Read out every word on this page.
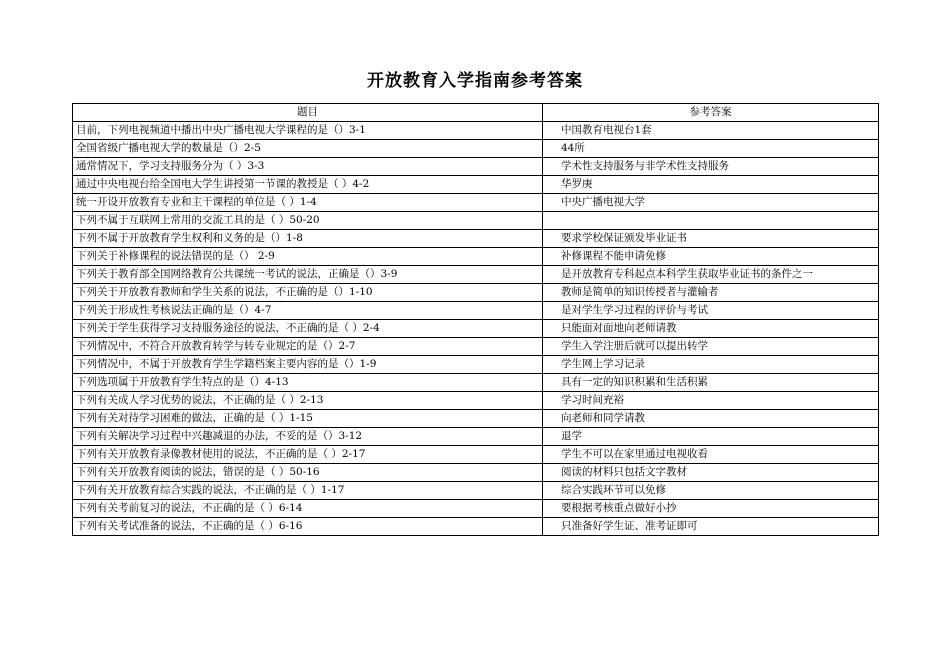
开放教育入学指南参考答案
题目	参考答案
目前，下列电视频道中播出中央广播电视大学课程的是（）3-1	中国教育电视台1套
全国省级广播电视大学的数量是（）2-5	44所
通常情况下，学习支持服务分为（ ）3-3	学术性支持服务与非学术性支持服务
通过中央电视台给全国电大学生讲授第一节课的教授是（ ）4-2	华罗庚
统一开设开放教育专业和主干课程的单位是（ ）1-4	中央广播电视大学
下列不属于互联网上常用的交流工具的是（ ）50-20	
下列不属于开放教育学生权利和义务的是（）1-8	要求学校保证颁发毕业证书
下列关于补修课程的说法错误的是（） 2-9	补修课程不能申请免修
下列关于教育部全国网络教育公共课统一考试的说法，正确是（）3-9	是开放教育专科起点本科学生获取毕业证书的条件之一
下列关于开放教育教师和学生关系的说法，不正确的是（）1-10	教师是简单的知识传授者与灌输者
下列关于形成性考核说法正确的是（）4-7	是对学生学习过程的评价与考试
下列关于学生获得学习支持服务途径的说法，不正确的是（ ）2-4	只能面对面地向老师请教
下列情况中，不符合开放教育转学与转专业规定的是（）2-7	学生入学注册后就可以提出转学
下列情况中，不属于开放教育学生学籍档案主要内容的是（）1-9	学生网上学习记录
下列选项属于开放教育学生特点的是（）4-13	具有一定的知识积累和生活积累
下列有关成人学习优势的说法，不正确的是（ ）2-13	学习时间充裕
下列有关对待学习困难的做法，正确的是（ ）1-15	向老师和同学请教
下列有关解决学习过程中兴趣减退的办法，不妥的是（）3-12	退学
下列有关开放教育录像教材使用的说法，不正确的是（ ）2-17	学生不可以在家里通过电视收看
下列有关开放教育阅读的说法，错误的是（ ）50-16	阅读的材料只包括文字教材
下列有关开放教育综合实践的说法，不正确的是（ ）1-17	综合实践环节可以免修
下列有关考前复习的说法，不正确的是（ ）6-14	要根据考核重点做好小抄
下列有关考试准备的说法，不正确的是（ ）6-16	只准备好学生证、准考证即可
